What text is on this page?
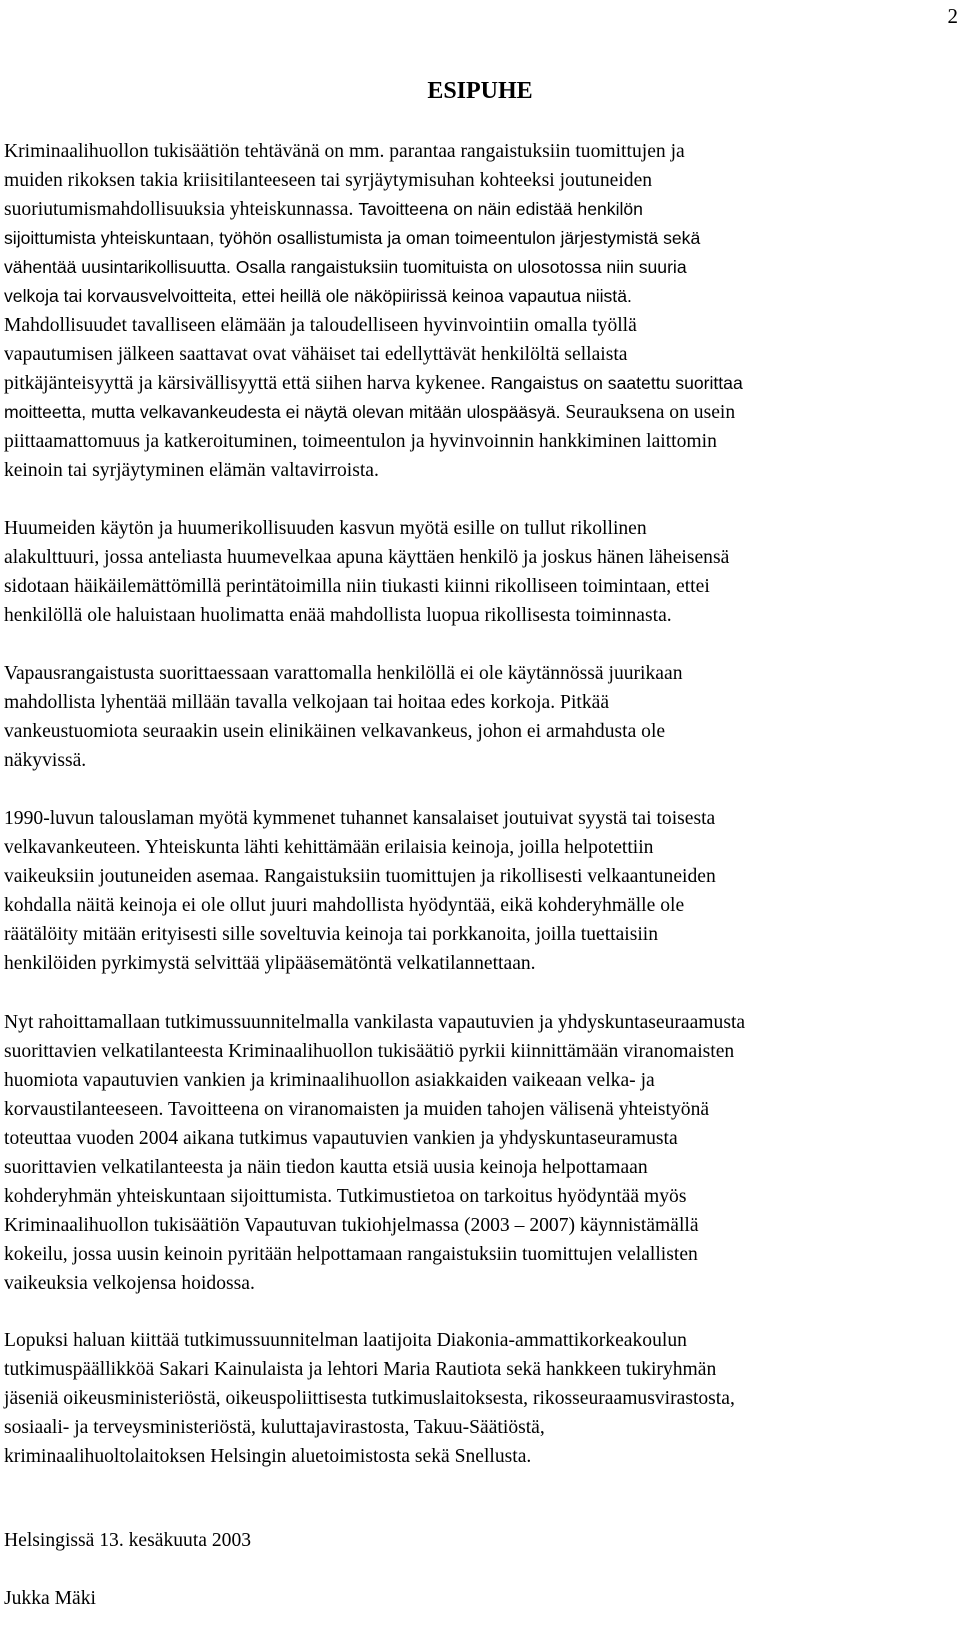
2

ESIPUHE

Kriminaalihuollon tukisäätiön tehtävänä on mm. parantaa rangaistuksiin tuomittujen ja
muiden rikoksen takia kriisitilanteeseen tai syrjäytymisuhan kohteeksi joutuneiden
suoriutumismahdollisuuksia yhteiskunnassa. Tavoitteena on näin edistää henkilön
sijoittumista yhteiskuntaan, työhön osallistumista ja oman toimeentulon järjestymistä sekä
vähentää uusintarikollisuutta. Osalla rangaistuksiin tuomituista on ulosotossa niin suuria
velkoja tai korvausvelvoitteita, ettei heillä ole näköpiirissä keinoa vapautua niistä.
Mahdollisuudet tavalliseen elämään ja taloudelliseen hyvinvointiin omalla työllä
vapautumisen jälkeen saattavat ovat vähäiset tai edellyttävät henkilöltä sellaista
pitkäjänteisyyttä ja kärsivällisyyttä että siihen harva kykenee. Rangaistus on saatettu suorittaa
moitteetta, mutta velkavankeudesta ei näytä olevan mitään ulospääsyä. Seurauksena on usein
piittaamattomuus ja katkeroituminen, toimeentulon ja hyvinvoinnin hankkiminen laittomin
keinoin tai syrjäytyminen elämän valtavirroista.

Huumeiden käytön ja huumerikollisuuden kasvun myötä esille on tullut rikollinen
alakulttuuri, jossa anteliasta huumevelkaa apuna käyttäen henkilö ja joskus hänen läheisensä
sidotaan häikäilemättömillä perintätoimilla niin tiukasti kiinni rikolliseen toimintaan, ettei
henkilöllä ole haluistaan huolimatta enää mahdollista luopua rikollisesta toiminnasta.

Vapausrangaistusta suorittaessaan varattomalla henkilöllä ei ole käytännössä juurikaan
mahdollista lyhentää millään tavalla velkojaan tai hoitaa edes korkoja. Pitkää
vankeustuomiota seuraakin usein elinikäinen velkavankeus, johon ei armahdusta ole
näkyvissä.

1990-luvun talouslaman myötä kymmenet tuhannet kansalaiset joutuivat syystä tai toisesta
velkavankeuteen. Yhteiskunta lähti kehittämään erilaisia keinoja, joilla helpotettiin
vaikeuksiin joutuneiden asemaa. Rangaistuksiin tuomittujen ja rikollisesti velkaantuneiden
kohdalla näitä keinoja ei ole ollut juuri mahdollista hyödyntää, eikä kohderyhmälle ole
räätälöity mitään erityisesti sille soveltuvia keinoja tai porkkanoita, joilla tuettaisiin
henkilöiden pyrkimystä selvittää ylipääsemätöntä velkatilannettaan.

Nyt rahoittamallaan tutkimussuunnitelmalla vankilasta vapautuvien ja yhdyskuntaseuraamusta
suorittavien velkatilanteesta Kriminaalihuollon tukisäätiö pyrkii kiinnittämään viranomaisten
huomiota vapautuvien vankien ja kriminaalihuollon asiakkaiden vaikeaan velka- ja
korvaustilanteeseen. Tavoitteena on viranomaisten ja muiden tahojen välisenä yhteistyönä
toteuttaa vuoden 2004 aikana tutkimus vapautuvien vankien ja yhdyskuntaseuramusta
suorittavien velkatilanteesta ja näin tiedon kautta etsiä uusia keinoja helpottamaan
kohderyhmän yhteiskuntaan sijoittumista. Tutkimustietoa on tarkoitus hyödyntää myös
Kriminaalihuollon tukisäätiön Vapautuvan tukiohjelmassa (2003 – 2007) käynnistämällä
kokeilu, jossa uusin keinoin pyritään helpottamaan rangaistuksiin tuomittujen velallisten
vaikeuksia velkojensa hoidossa.

Lopuksi haluan kiittää tutkimussuunnitelman laatijoita Diakonia-ammattikorkeakoulun
tutkimuspäällikköä Sakari Kainulaista ja lehtori Maria Rautiota sekä hankkeen tukiryhmän
jäseniä oikeusministeriöstä, oikeuspoliittisesta tutkimuslaitoksesta, rikosseuraamusvirastosta,
sosiaali- ja terveysministeriöstä, kuluttajavirastosta, Takuu-Säätiöstä,
kriminaalihuoltolaitoksen Helsingin aluetoimistosta sekä Snellusta.

Helsingissä 13. kesäkuuta 2003

Jukka Mäki
